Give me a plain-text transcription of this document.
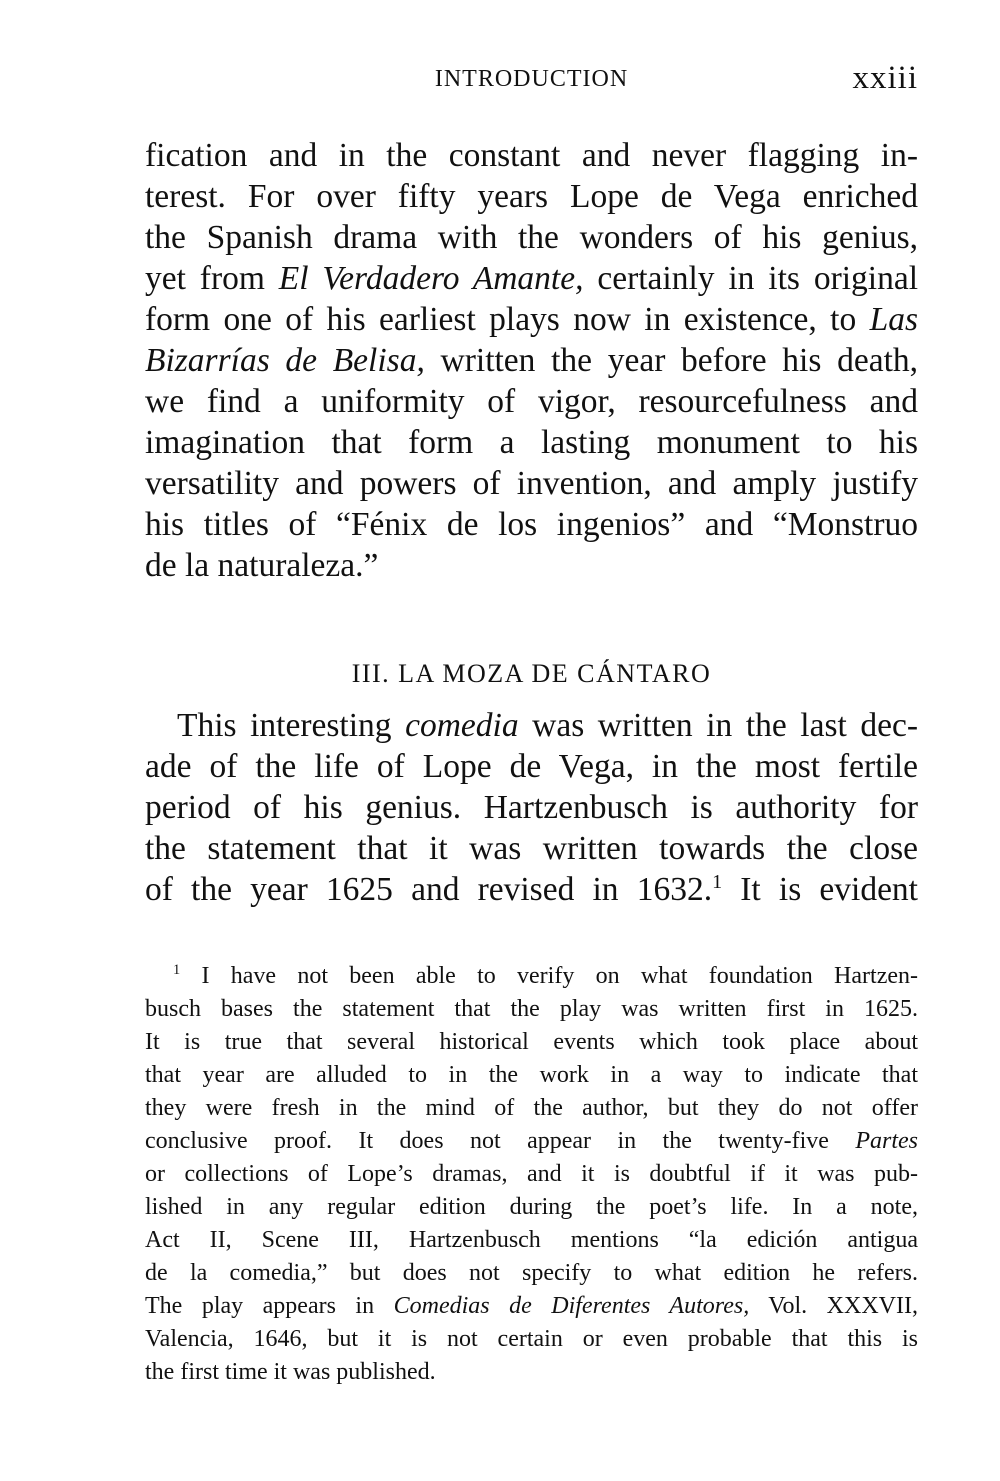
INTRODUCTION	xxiii
fication and in the constant and never flagging in-
terest. For over fifty years Lope de Vega enriched
the Spanish drama with the wonders of his genius,
yet from El Verdadero Amante, certainly in its original
form one of his earliest plays now in existence, to Las
Bizarrías de Belisa, written the year before his death,
we find a uniformity of vigor, resourcefulness and
imagination that form a lasting monument to his
versatility and powers of invention, and amply justify
his titles of “Fénix de los ingenios” and “Monstruo
de la naturaleza.”
III. LA MOZA DE CÁNTARO
This interesting comedia was written in the last dec-
ade of the life of Lope de Vega, in the most fertile
period of his genius. Hartzenbusch is authority for
the statement that it was written towards the close
of the year 1625 and revised in 1632.$^1$ It is evident
$^1$ I have not been able to verify on what foundation Hartzen-
busch bases the statement that the play was written first in 1625.
It is true that several historical events which took place about
that year are alluded to in the work in a way to indicate that
they were fresh in the mind of the author, but they do not offer
conclusive proof. It does not appear in the twenty-five Partes
or collections of Lope’s dramas, and it is doubtful if it was pub-
lished in any regular edition during the poet’s life. In a note,
Act II, Scene III, Hartzenbusch mentions “la edición antigua
de la comedia,” but does not specify to what edition he refers.
The play appears in Comedias de Diferentes Autores, Vol. XXXVII,
Valencia, 1646, but it is not certain or even probable that this is
the first time it was published.
